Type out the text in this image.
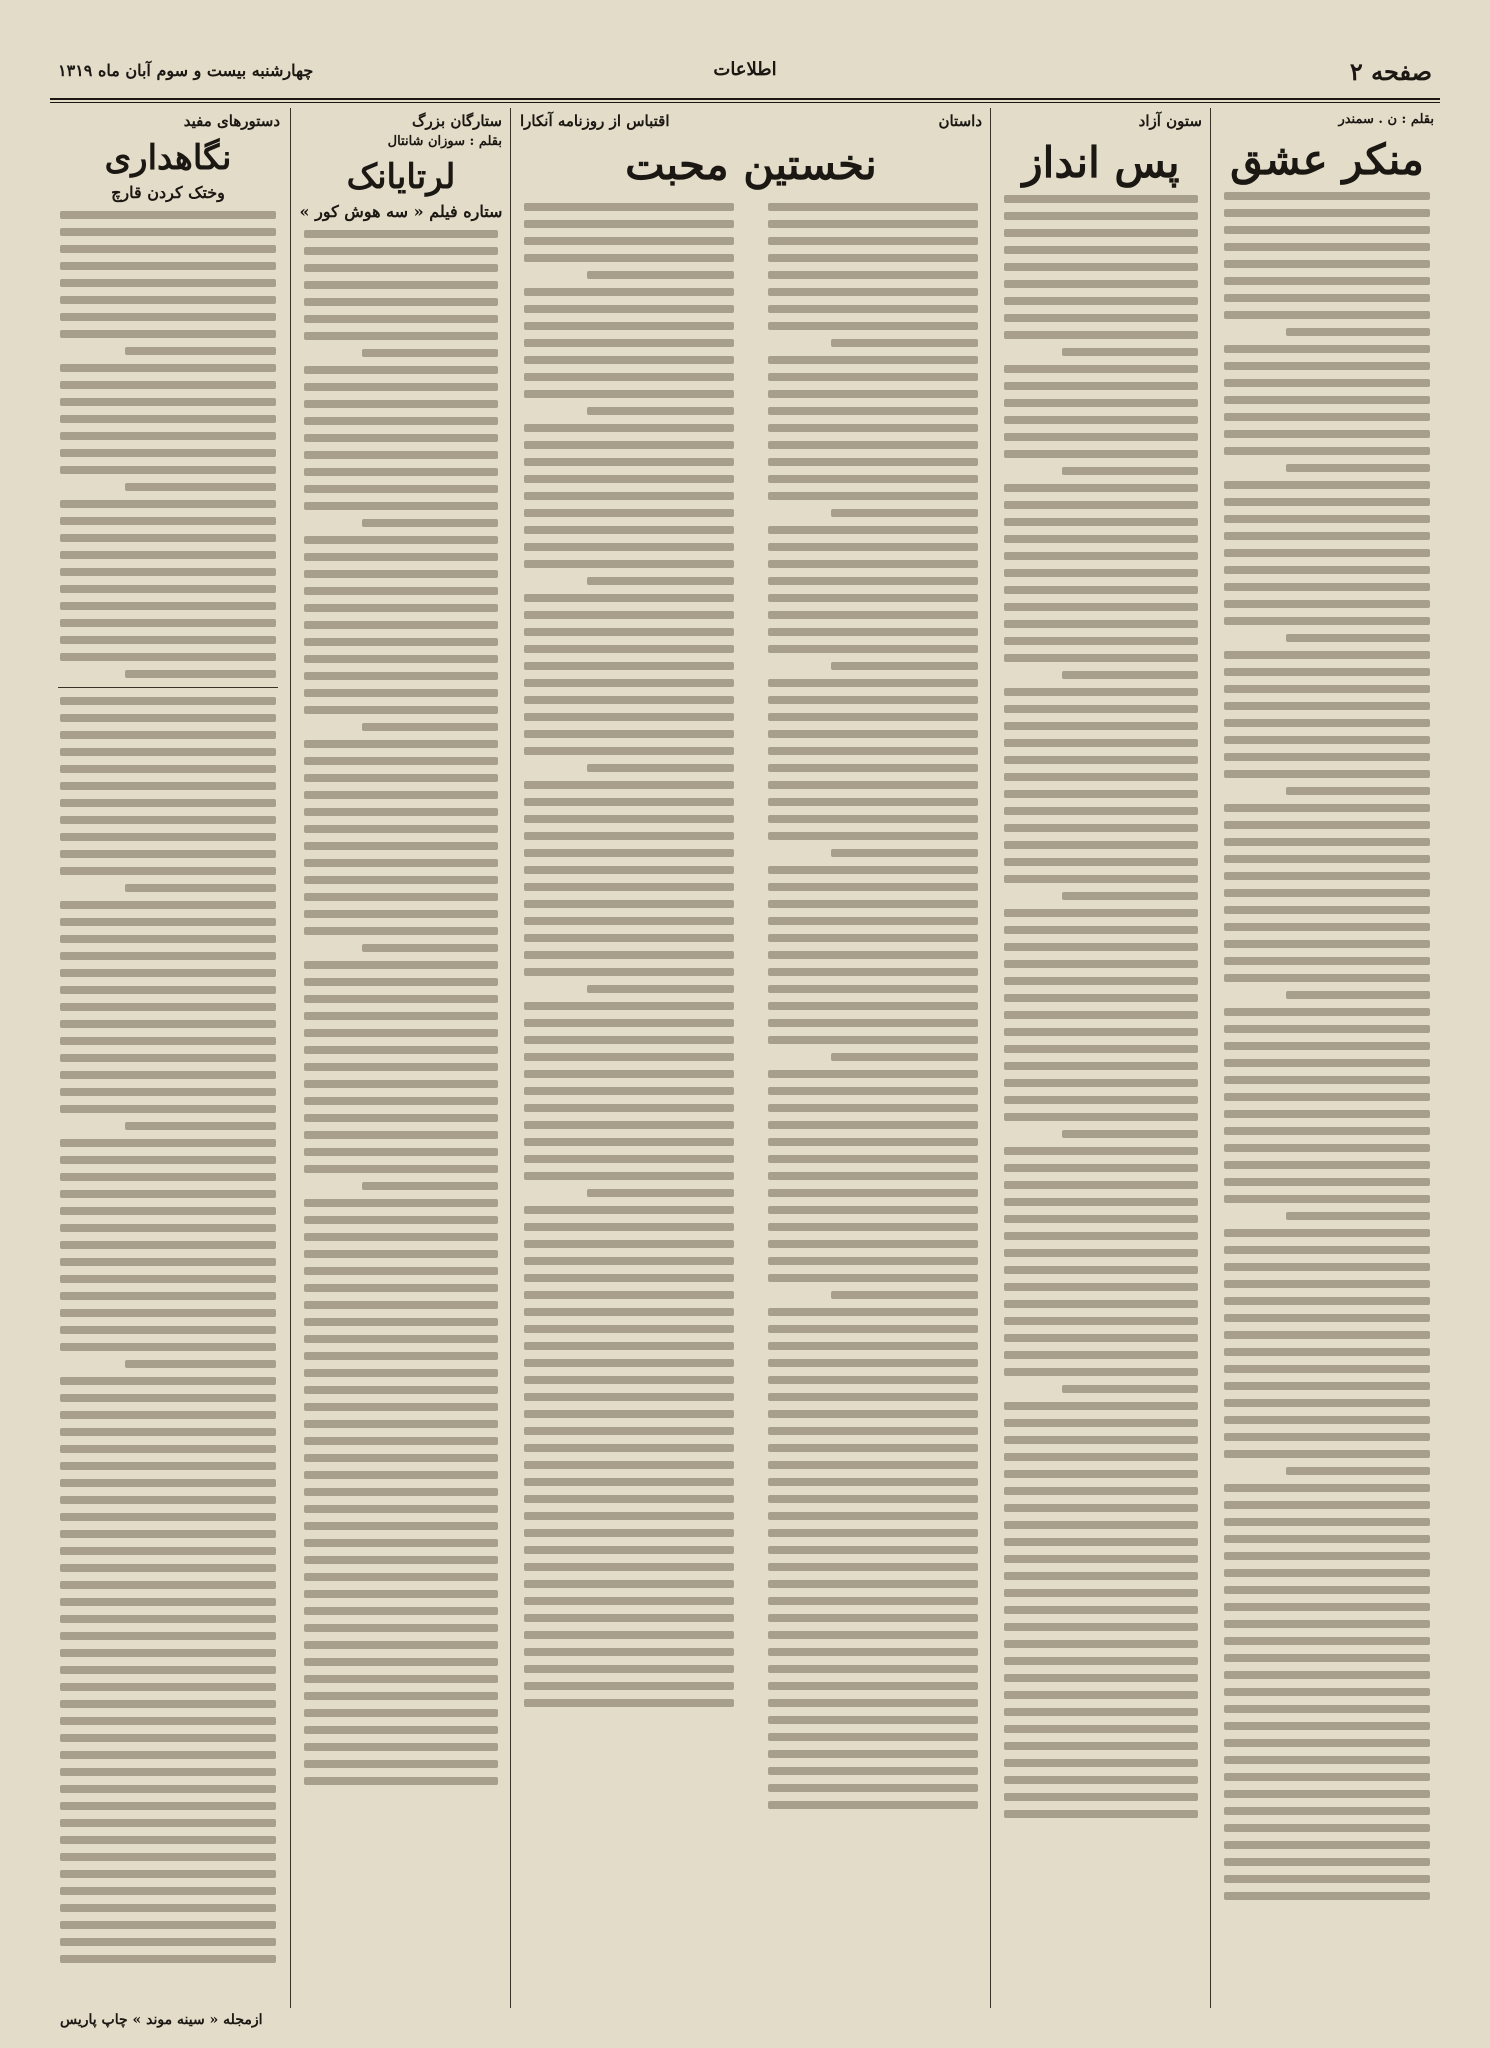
صفحه ۲
اطلاعات
چهارشنبه بیست و سوم آبان ماه ۱۳۱۹
بقلم : ن . سمندر
منکر عشق
ستون آزاد
پس انداز
داستان
اقتباس از روزنامه آنکارا
نخستین محبت
ستارگان بزرگ
بقلم : سوزان شانتال
لرتایانک
ستاره فیلم « سه هوش کور »
دستورهای مفید
نگاهداری
وختک کردن قارچ
ازمجله « سینه موند » چاپ پاریس
